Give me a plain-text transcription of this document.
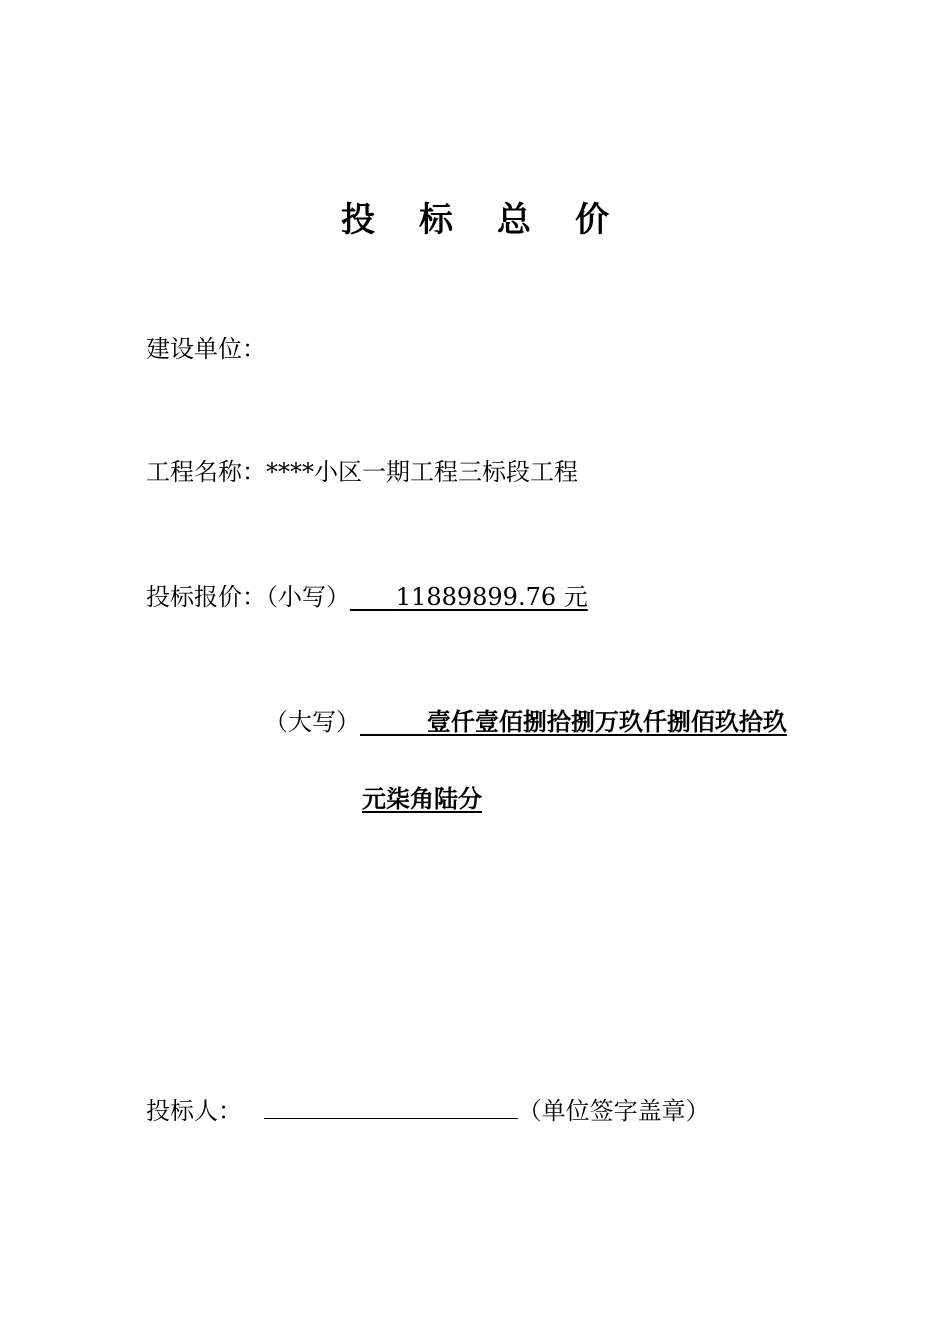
投 标 总 价
建设单位：
工程名称：****小区一期工程三标段工程
投标报价：（小写） 11889899.76 元
（大写）	壹仟壹佰捌拾捌万玖仟捌佰玖拾玖
元柒角陆分
投标人：	（单位签字盖章）
